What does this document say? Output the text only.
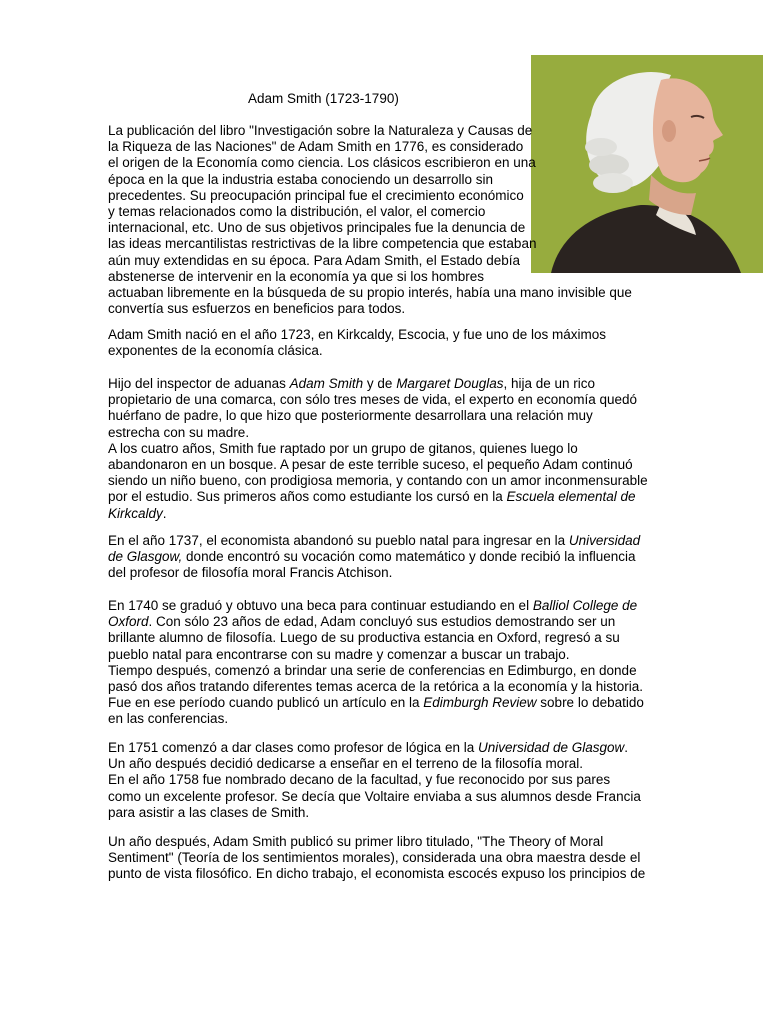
Adam Smith (1723-1790)
La publicación del libro "Investigación sobre la Naturaleza y Causas de
la Riqueza de las Naciones" de Adam Smith en 1776, es considerado
el origen de la Economía como ciencia. Los clásicos escribieron en una
época en la que la industria estaba conociendo un desarrollo sin
precedentes. Su preocupación principal fue el crecimiento económico
y temas relacionados como la distribución, el valor, el comercio
internacional, etc. Uno de sus objetivos principales fue la denuncia de
las ideas mercantilistas restrictivas de la libre competencia que estaban
aún muy extendidas en su época. Para Adam Smith, el Estado debía
abstenerse de intervenir en la economía ya que si los hombres
actuaban libremente en la búsqueda de su propio interés, había una mano invisible que
convertía sus esfuerzos en beneficios para todos.
Adam Smith nació en el año 1723, en Kirkcaldy, Escocia, y fue uno de los máximos
exponentes de la economía clásica.
Hijo del inspector de aduanas Adam Smith y de Margaret Douglas, hija de un rico
propietario de una comarca, con sólo tres meses de vida, el experto en economía quedó
huérfano de padre, lo que hizo que posteriormente desarrollara una relación muy
estrecha con su madre.
A los cuatro años, Smith fue raptado por un grupo de gitanos, quienes luego lo
abandonaron en un bosque. A pesar de este terrible suceso, el pequeño Adam continuó
siendo un niño bueno, con prodigiosa memoria, y contando con un amor inconmensurable
por el estudio. Sus primeros años como estudiante los cursó en la Escuela elemental de
Kirkcaldy.
En el año 1737, el economista abandonó su pueblo natal para ingresar en la Universidad
de Glasgow, donde encontró su vocación como matemático y donde recibió la influencia
del profesor de filosofía moral Francis Atchison.
En 1740 se graduó y obtuvo una beca para continuar estudiando en el Balliol College de
Oxford. Con sólo 23 años de edad, Adam concluyó sus estudios demostrando ser un
brillante alumno de filosofía. Luego de su productiva estancia en Oxford, regresó a su
pueblo natal para encontrarse con su madre y comenzar a buscar un trabajo.
Tiempo después, comenzó a brindar una serie de conferencias en Edimburgo, en donde
pasó dos años tratando diferentes temas acerca de la retórica a la economía y la historia.
Fue en ese período cuando publicó un artículo en la Edimburgh Review sobre lo debatido
en las conferencias.
En 1751 comenzó a dar clases como profesor de lógica en la Universidad de Glasgow.
Un año después decidió dedicarse a enseñar en el terreno de la filosofía moral.
En el año 1758 fue nombrado decano de la facultad, y fue reconocido por sus pares
como un excelente profesor. Se decía que Voltaire enviaba a sus alumnos desde Francia
para asistir a las clases de Smith.
Un año después, Adam Smith publicó su primer libro titulado, "The Theory of Moral
Sentiment" (Teoría de los sentimientos morales), considerada una obra maestra desde el
punto de vista filosófico. En dicho trabajo, el economista escocés expuso los principios de
